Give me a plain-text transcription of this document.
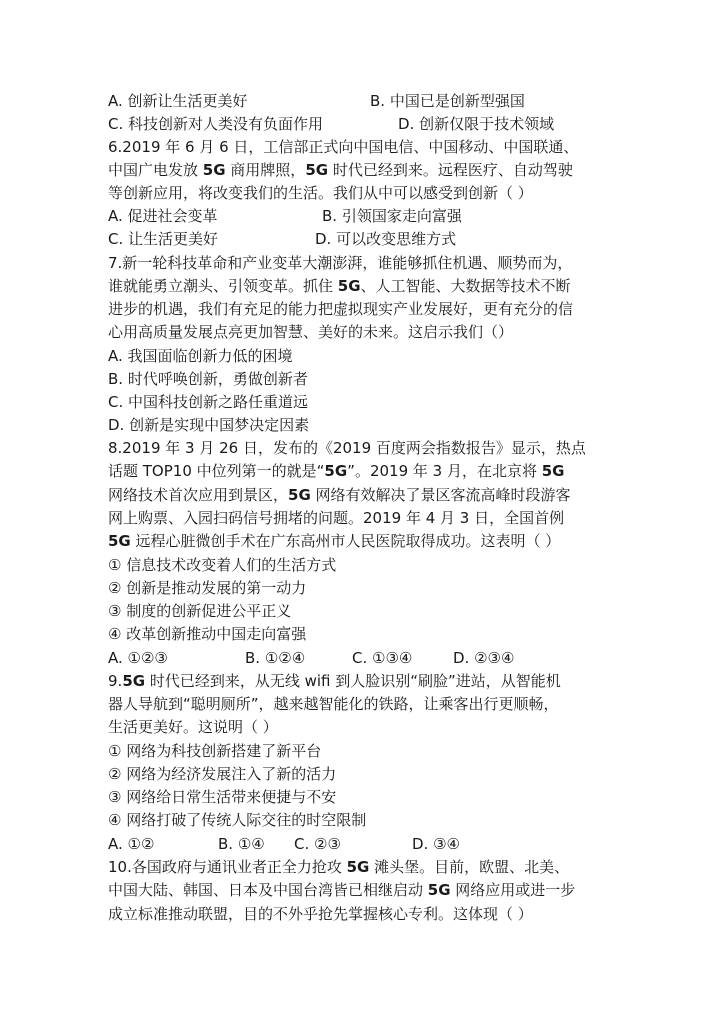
A. 创新让生活更美好	B. 中国已是创新型强国
C. 科技创新对人类没有负面作用	D. 创新仅限于技术领域
6.2019 年 6 月 6 日，工信部正式向中国电信、中国移动、中国联通、
中国广电发放 5G 商用牌照，5G 时代已经到来。远程医疗、自动驾驶
等创新应用，将改变我们的生活。我们从中可以感受到创新（ ）
A. 促进社会变革	B. 引领国家走向富强
C. 让生活更美好	D. 可以改变思维方式
7.新一轮科技革命和产业变革大潮澎湃，谁能够抓住机遇、顺势而为，
谁就能勇立潮头、引领变革。抓住 5G、人工智能、大数据等技术不断
进步的机遇，我们有充足的能力把虚拟现实产业发展好，更有充分的信
心用高质量发展点亮更加智慧、美好的未来。这启示我们（）
A. 我国面临创新力低的困境
B. 时代呼唤创新，勇做创新者
C. 中国科技创新之路任重道远
D. 创新是实现中国梦决定因素
8.2019 年 3 月 26 日，发布的《2019 百度两会指数报告》显示，热点
话题 TOP10 中位列第一的就是“5G”。2019 年 3 月，在北京将 5G
网络技术首次应用到景区，5G 网络有效解决了景区客流高峰时段游客
网上购票、入园扫码信号拥堵的问题。2019 年 4 月 3 日，全国首例
5G 远程心脏微创手术在广东高州市人民医院取得成功。这表明（ ）
① 信息技术改变着人们的生活方式
② 创新是推动发展的第一动力
③ 制度的创新促进公平正义
④ 改革创新推动中国走向富强
A. ①②③	B. ①②④	C. ①③④	D. ②③④
9.5G 时代已经到来，从无线 wifi 到人脸识别“刷脸”进站，从智能机
器人导航到“聪明厕所”，越来越智能化的铁路，让乘客出行更顺畅，
生活更美好。这说明（ ）
① 网络为科技创新搭建了新平台
② 网络为经济发展注入了新的活力
③ 网络给日常生活带来便捷与不安
④ 网络打破了传统人际交往的时空限制
A. ①②	B. ①④ C. ②③	D. ③④
10.各国政府与通讯业者正全力抢攻 5G 滩头堡。目前，欧盟、北美、
中国大陆、韩国、日本及中国台湾皆已相继启动 5G 网络应用或进一步
成立标准推动联盟，目的不外乎抢先掌握核心专利。这体现（ ）
